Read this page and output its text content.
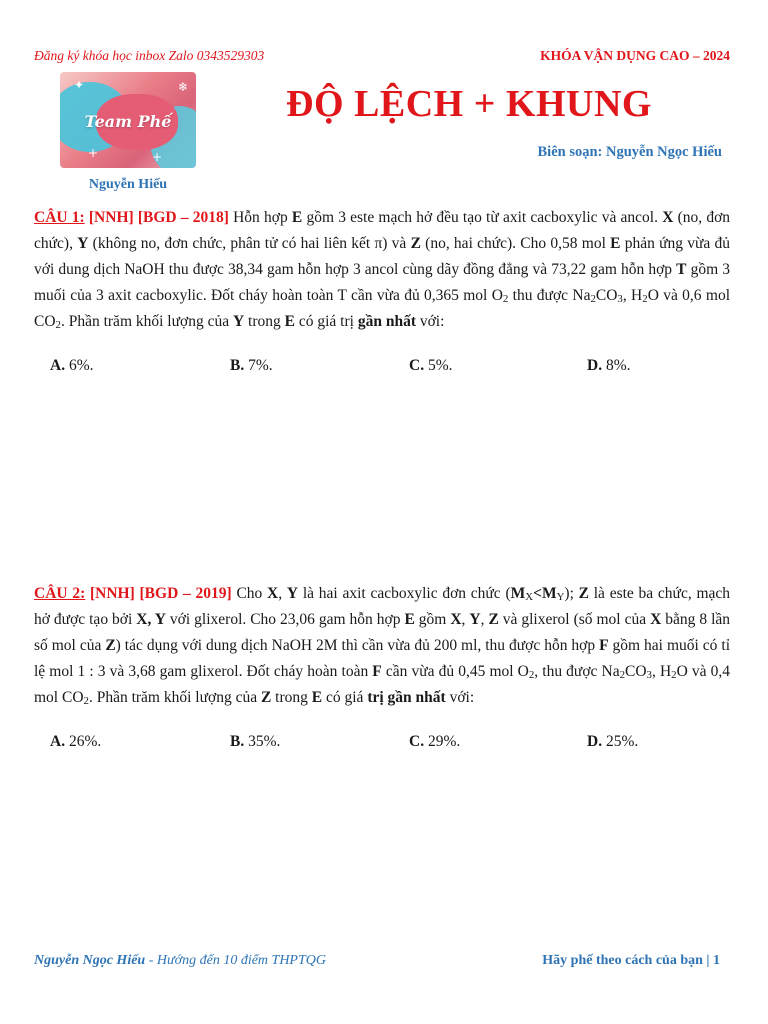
Đăng ký khóa học inbox Zalo 0343529303	KHÓA VẬN DỤNG CAO – 2024
✦	❄
+	+
Team Phế
Nguyễn Hiếu
ĐỘ LỆCH + KHUNG
Biên soạn: Nguyễn Ngọc Hiếu
CÂU 1: [NNH] [BGD – 2018] Hỗn hợp E gồm 3 este mạch hở đều tạo từ axit cacboxylic và ancol. X (no, đơn chức), Y (không no, đơn chức, phân tử có hai liên kết π) và Z (no, hai chức). Cho 0,58 mol E phản ứng vừa đủ với dung dịch NaOH thu được 38,34 gam hỗn hợp 3 ancol cùng dãy đồng đẳng và 73,22 gam hỗn hợp T gồm 3 muối của 3 axit cacboxylic. Đốt cháy hoàn toàn T cần vừa đủ 0,365 mol $O_2$ thu được $Na_2CO_3$, $H_2O$ và 0,6 mol $CO_2$. Phần trăm khối lượng của Y trong E có giá trị gần nhất với:
A. 6%.	B. 7%.	C. 5%.	D. 8%.
CÂU 2: [NNH] [BGD – 2019] Cho X, Y là hai axit cacboxylic đơn chức $(M_X<M_Y)$; Z là este ba chức, mạch hở được tạo bởi X, Y với glixerol. Cho 23,06 gam hỗn hợp E gồm X, Y, Z và glixerol (số mol của X bằng 8 lần số mol của Z) tác dụng với dung dịch NaOH 2M thì cần vừa đủ 200 ml, thu được hỗn hợp F gồm hai muối có tỉ lệ mol 1 : 3 và 3,68 gam glixerol. Đốt cháy hoàn toàn F cần vừa đủ 0,45 mol $O_2$, thu được $Na_2CO_3$, $H_2O$ và 0,4 mol $CO_2$. Phần trăm khối lượng của Z trong E có giá trị gần nhất với:
A. 26%.	B. 35%.	C. 29%.	D. 25%.
Nguyễn Ngọc Hiếu - Hướng đến 10 điểm THPTQG	Hãy phế theo cách của bạn | 1
